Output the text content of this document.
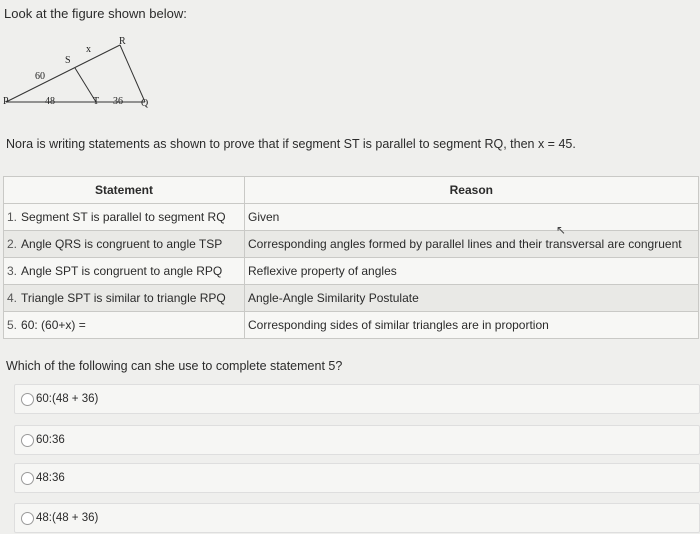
Look at the figure shown below:
P	Q
R
S
T
x
60
48	36
Nora is writing statements as shown to prove that if segment ST is parallel to segment RQ, then x = 45.
Statement	Reason
1. Segment ST is parallel to segment RQ	Given
2. Angle QRS is congruent to angle TSP	Corresponding angles formed by parallel lines and their transversal are congruent
3. Angle SPT is congruent to angle RPQ	Reflexive property of angles
4. Triangle SPT is similar to triangle RPQ	Angle-Angle Similarity Postulate
5. 60: (60+x) =	Corresponding sides of similar triangles are in proportion
↖
Which of the following can she use to complete statement 5?
60:(48 + 36)
60:36
48:36
48:(48 + 36)
